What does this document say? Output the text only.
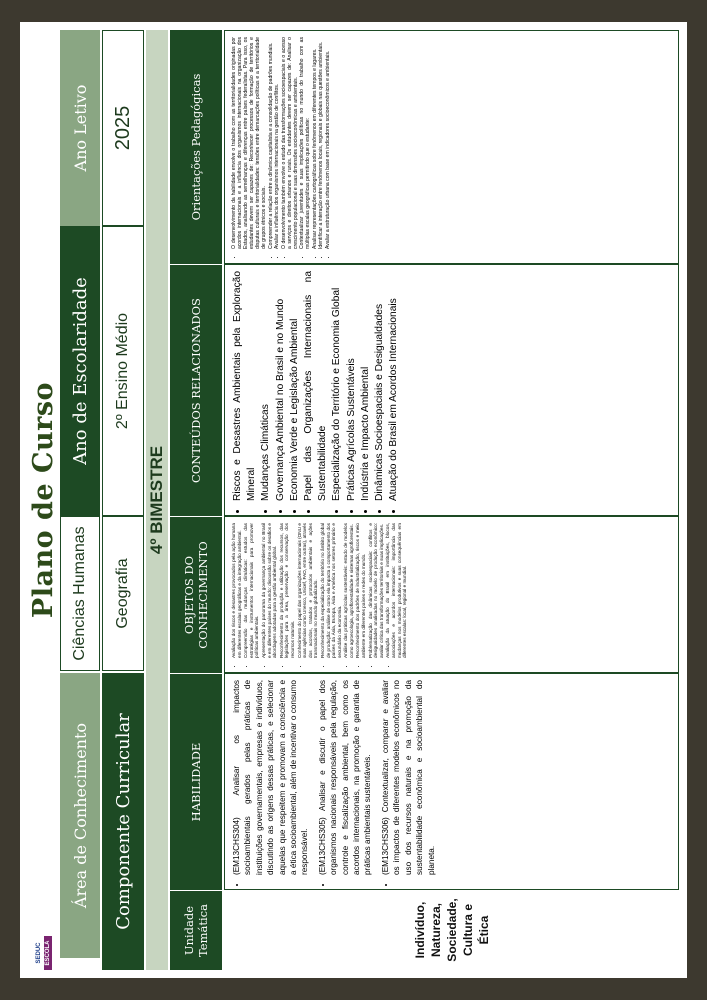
SEDUC ESCOLA
Plano de Curso
Área de Conhecimento
Ciências Humanas
Ano de Escolaridade
Ano Letivo
Componente Curricular
Geografia
2º Ensino Médio
2025
4º BIMESTRE
Unidade Temática
HABILIDADE
OBJETOS DO CONHECIMENTO
CONTEÚDOS RELACIONADOS
Orientações Pedagógicas
Indivíduo, Natureza, Sociedade, Cultura e Ética
• (EM13CHS304) Analisar os impactos socioambientais gerados pelas práticas de instituições governamentais, empresas e indivíduos, discutindo as origens dessas práticas, e selecionar aquelas que respeitem e promovam a consciência e a ética socioambiental, além de incentivar o consumo responsável. • (EM13CHS305) Analisar e discutir o papel dos organismos nacionais responsáveis pela regulação, controle e fiscalização ambiental, bem como os acordos internacionais, na promoção e garantia de práticas ambientais sustentáveis. • (EM13CHS306) Contextualizar, comparar e avaliar os impactos de diferentes modelos econômicos no uso dos recursos naturais e na promoção da sustentabilidade econômica e socioambiental do planeta.
• Avaliação dos riscos e desastres provocados pela ação humana em diferentes escalas geográficas e da integração ambiental. • Compreensão das mudanças climáticas: estudos das estratégias e instrumentos internacionais para promover políticas ambientais. • Apresentação do panorama da governança ambiental no Brasil e em diferentes países do mundo: discussão sobre os desafios e abordagens adotadas para a gestão ambiental global. • Reconhecimento da produção e utilização dos recursos, das legislações para a área, preservação e conservação dos recursos naturais. • Conhecimento do papel das organizações internacionais (ONU e suas agências como Unesco, Unicef, FAO, entre outras), através dos acordos, tratados e protocolos ambientais e ações transnacionais no mundo globalizado. • Reconhecimento da especialização do território no âmbito global de produção: análise de como ela impacta o comportamento dos países da Ásia, Europa, Ásia e América nos setores primário e secundário da economia. • Análise das práticas agrícolas sustentáveis: estudo de modelos como agroecologia, agroflorestalidade e sistemas agroflorestais. • Reconhecimento dos padrões de industrialização, riscos e meio ambiente em diferentes países e redes do mundo. • Problematização das dinâmicas socioespaciais: conflitos e desigualdades analisadas no modelo de produção econômico: avaliar crítica das transformações territoriais e suas implicações. • Avaliação da atuação do Brasil em instituições, blocos, associações e acordos internacionais: importância das mudanças nos modelos produtivos e suas consequências em diferentes escalas: local, regional e mundial.
• Riscos e Desastres Ambientais pela Exploração Mineral • Mudanças Climáticas • Governança Ambiental no Brasil e no Mundo • Economia Verde e Legislação Ambiental • Papel das Organizações Internacionais na Sustentabilidade • Especialização do Território e Economia Global • Práticas Agrícolas Sustentáveis • Indústria e Impacto Ambiental • Dinâmicas Socioespaciais e Desigualdades • Atuação do Brasil em Acordos Internacionais
• O desenvolvimento da habilidade envolve o trabalho com as territorialidades originadas por acordos internacionais e a influência dos organismos internacionais na organização dos Estados, analisando as semelhanças e diferenças entre países federalistas. Para isso, os estudantes devem ser capazes de: Reconhecer processos de formação de territórios e disputas culturais e territorialidades: tensões entre demarcações políticas e a territorialidade de grupos étnicos e sociais. • Compreender a relação entre a dinâmica capitalista e a consolidação de padrões mundiais. • Avaliar a influência dos organismos internacionais na gestão de conflitos. • O desenvolvimento também envolve o estudo das transformações socioespaciais e o acesso a serviços e direitos urbanos e rurais. Os estudantes devem ser capazes de: Analisar o crescimento populacional e suas dimensões socioeconômicas e ambientais. • Contextualizar juventudes e suas implicações políticas no mundo do trabalho com as múltiplas escalas geográficas permitindo que o estudante: • Analisar representações cartográficas sobre fenômenos em diferentes tempos e lugares. • Identificar a interação entre fenômenos locais, regionais e globais nas questões ambientais. • Avaliar a estruturação urbana com base em indicadores socioeconômicos e ambientais.
